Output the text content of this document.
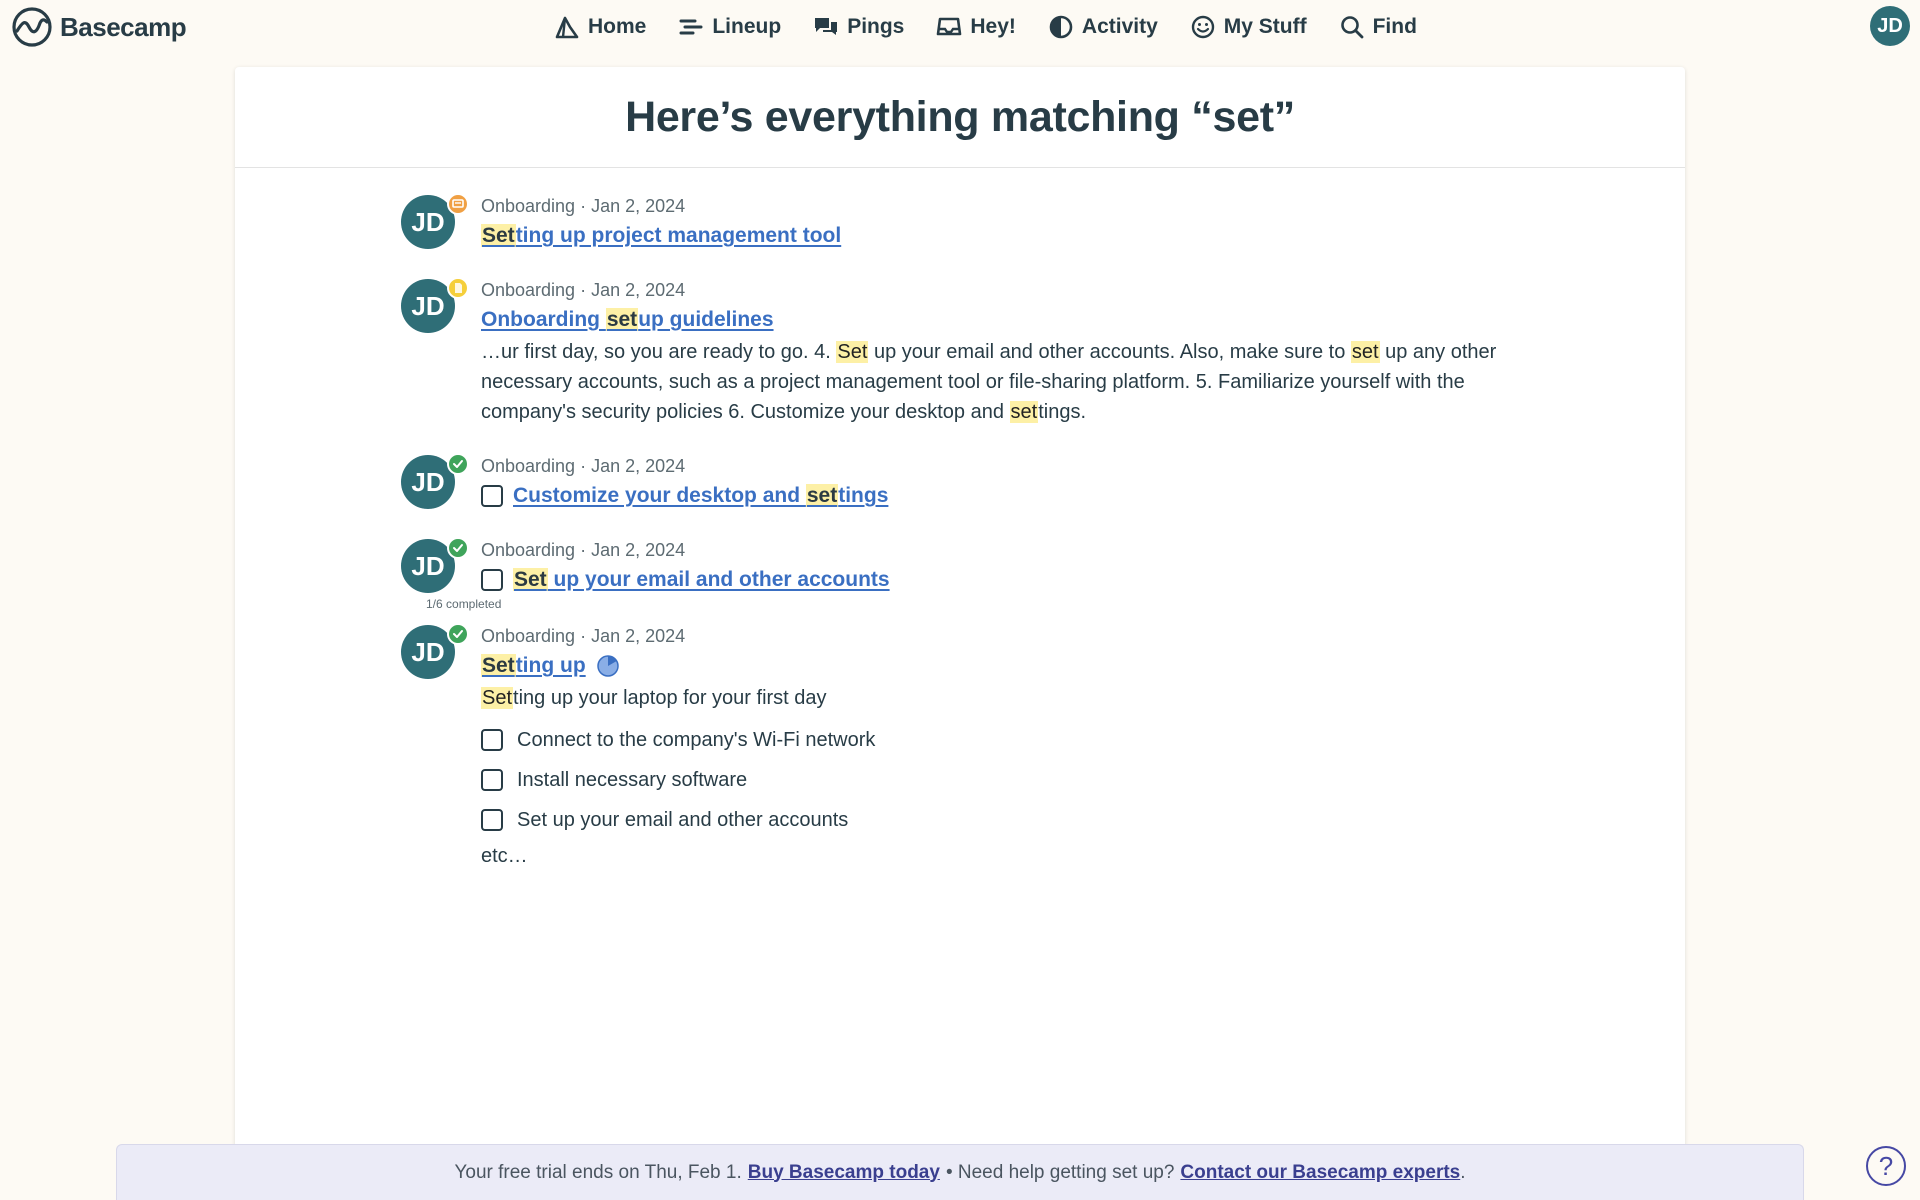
Basecamp	Home	Lineup	Pings	Hey!	Activity	My Stuff	Find	JD
Here’s everything matching “set”
JD
Onboarding · Jan 2, 2024
Setting up project management tool
JD
Onboarding · Jan 2, 2024
Onboarding setup guidelines
…ur first day, so you are ready to go. 4. Set up your email and other accounts. Also, make sure to set up any other necessary accounts, such as a project management tool or file-sharing platform. 5. Familiarize yourself with the company's security policies 6. Customize your desktop and settings.
JD
Onboarding · Jan 2, 2024
Customize your desktop and settings
JD
1/6 completed
Onboarding · Jan 2, 2024
Set up your email and other accounts
JD
Onboarding · Jan 2, 2024
Setting up
Setting up your laptop for your first day
Connect to the company's Wi-Fi network
Install necessary software
Set up your email and other accounts
etc…
Your free trial ends on Thu, Feb 1. Buy Basecamp today • Need help getting set up? Contact our Basecamp experts .	?
